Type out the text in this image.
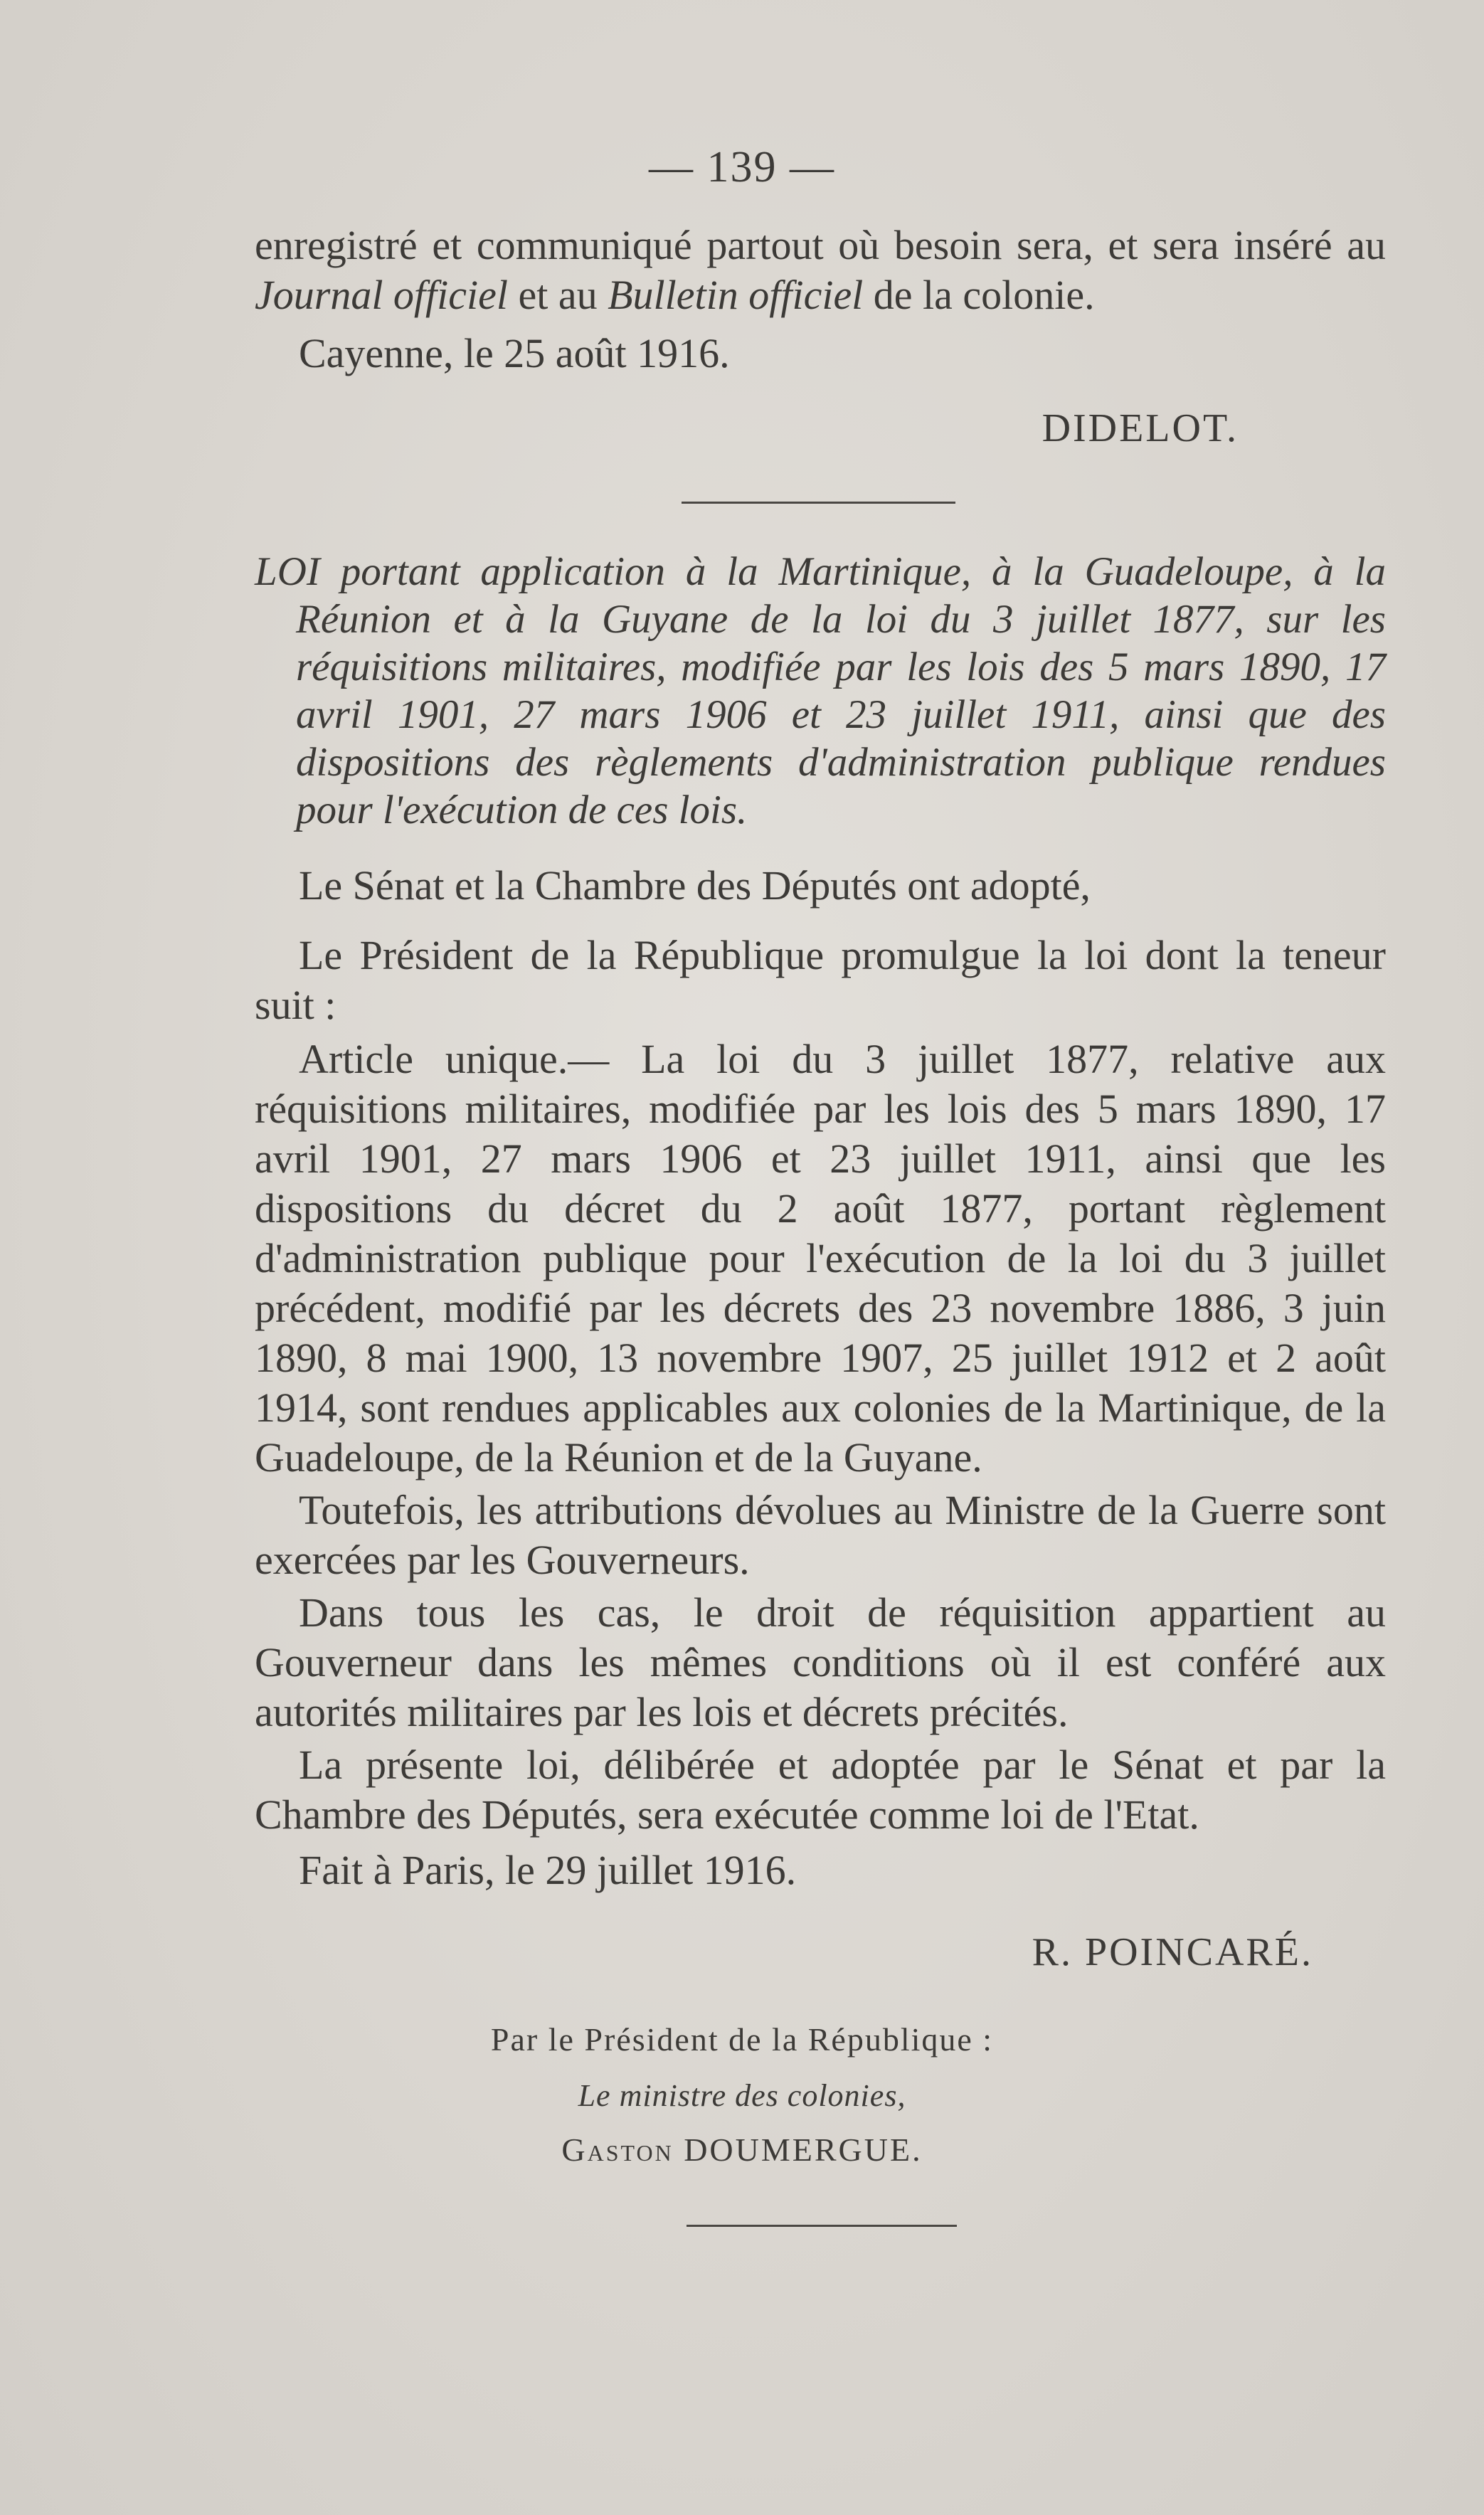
— 139 —

enregistré et communiqué partout où besoin sera, et sera inséré au Journal officiel et au Bulletin officiel de la colonie.

Cayenne, le 25 août 1916.

DIDELOT.

LOI portant application à la Martinique, à la Guadeloupe, à la Réunion et à la Guyane de la loi du 3 juillet 1877, sur les réquisitions militaires, modifiée par les lois des 5 mars 1890, 17 avril 1901, 27 mars 1906 et 23 juillet 1911, ainsi que des dispositions des règlements d'administration publique rendues pour l'exécution de ces lois.

Le Sénat et la Chambre des Députés ont adopté,

Le Président de la République promulgue la loi dont la teneur suit :

Article unique.— La loi du 3 juillet 1877, relative aux réquisitions militaires, modifiée par les lois des 5 mars 1890, 17 avril 1901, 27 mars 1906 et 23 juillet 1911, ainsi que les dispositions du décret du 2 août 1877, portant règlement d'administration publique pour l'exécution de la loi du 3 juillet précédent, modifié par les décrets des 23 novembre 1886, 3 juin 1890, 8 mai 1900, 13 novembre 1907, 25 juillet 1912 et 2 août 1914, sont rendues applicables aux colonies de la Martinique, de la Guadeloupe, de la Réunion et de la Guyane.

Toutefois, les attributions dévolues au Ministre de la Guerre sont exercées par les Gouverneurs.

Dans tous les cas, le droit de réquisition appartient au Gouverneur dans les mêmes conditions où il est conféré aux autorités militaires par les lois et décrets précités.

La présente loi, délibérée et adoptée par le Sénat et par la Chambre des Députés, sera exécutée comme loi de l'Etat.

Fait à Paris, le 29 juillet 1916.

R. POINCARÉ.

Par le Président de la République :

Le ministre des colonies,

Gaston DOUMERGUE.
